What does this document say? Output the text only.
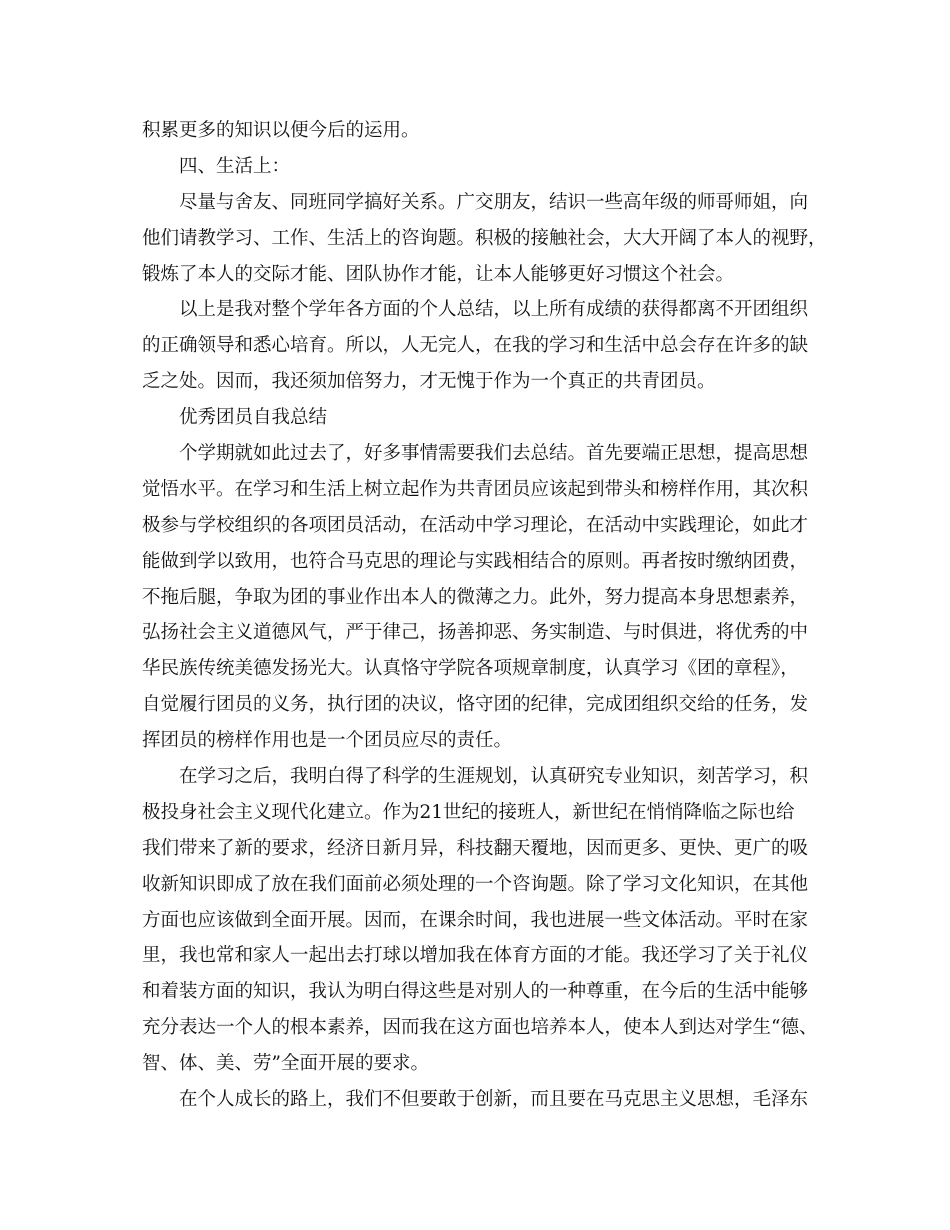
积累更多的知识以便今后的运用。
　　四、生活上：
　　尽量与舍友、同班同学搞好关系。广交朋友，结识一些高年级的师哥师姐，向
他们请教学习、工作、生活上的咨询题。积极的接触社会，大大开阔了本人的视野，
锻炼了本人的交际才能、团队协作才能，让本人能够更好习惯这个社会。
　　以上是我对整个学年各方面的个人总结，以上所有成绩的获得都离不开团组织
的正确领导和悉心培育。所以，人无完人，在我的学习和生活中总会存在许多的缺
乏之处。因而，我还须加倍努力，才无愧于作为一个真正的共青团员。
　　优秀团员自我总结
　　个学期就如此过去了，好多事情需要我们去总结。首先要端正思想，提高思想
觉悟水平。在学习和生活上树立起作为共青团员应该起到带头和榜样作用，其次积
极参与学校组织的各项团员活动，在活动中学习理论，在活动中实践理论，如此才
能做到学以致用，也符合马克思的理论与实践相结合的原则。再者按时缴纳团费，
不拖后腿，争取为团的事业作出本人的微薄之力。此外，努力提高本身思想素养，
弘扬社会主义道德风气，严于律己，扬善抑恶、务实制造、与时俱进，将优秀的中
华民族传统美德发扬光大。认真恪守学院各项规章制度，认真学习《团的章程》，
自觉履行团员的义务，执行团的决议，恪守团的纪律，完成团组织交给的任务，发
挥团员的榜样作用也是一个团员应尽的责任。
　　在学习之后，我明白得了科学的生涯规划，认真研究专业知识，刻苦学习，积
极投身社会主义现代化建立。作为21世纪的接班人，新世纪在悄悄降临之际也给
我们带来了新的要求，经济日新月异，科技翻天覆地，因而更多、更快、更广的吸
收新知识即成了放在我们面前必须处理的一个咨询题。除了学习文化知识，在其他
方面也应该做到全面开展。因而，在课余时间，我也进展一些文体活动。平时在家
里，我也常和家人一起出去打球以增加我在体育方面的才能。我还学习了关于礼仪
和着装方面的知识，我认为明白得这些是对别人的一种尊重，在今后的生活中能够
充分表达一个人的根本素养，因而我在这方面也培养本人，使本人到达对学生“德、
智、体、美、劳”全面开展的要求。
　　在个人成长的路上，我们不但要敢于创新，而且要在马克思主义思想，毛泽东
